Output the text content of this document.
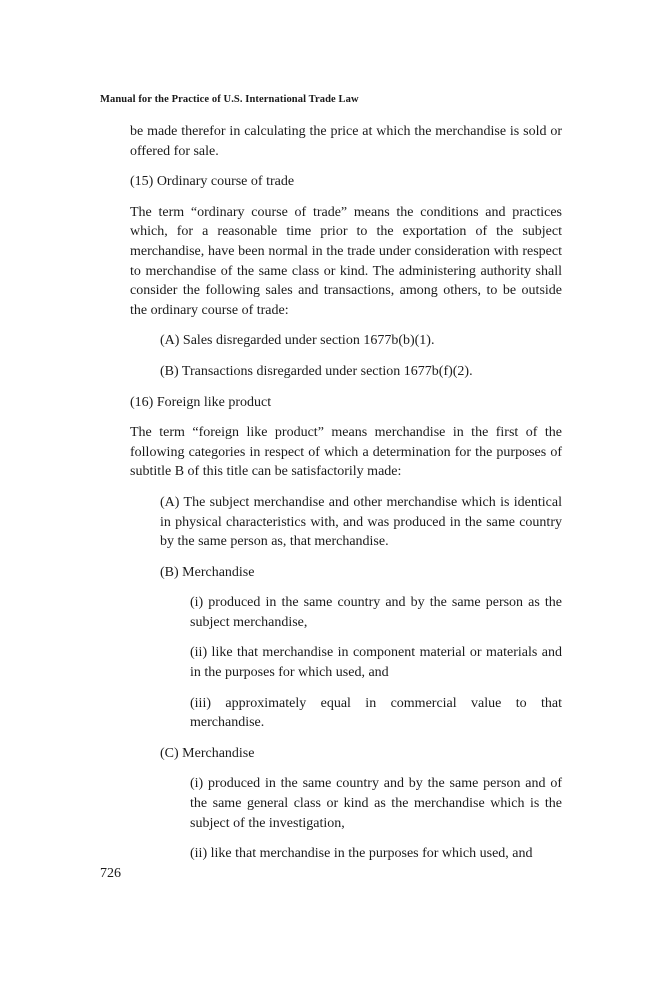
Manual for the Practice of U.S. International Trade Law
be made therefor in calculating the price at which the merchandise is sold or offered for sale.
(15) Ordinary course of trade
The term “ordinary course of trade” means the conditions and practices which, for a reasonable time prior to the exportation of the subject merchandise, have been normal in the trade under consideration with respect to merchandise of the same class or kind. The administering authority shall consider the following sales and transactions, among others, to be outside the ordinary course of trade:
(A) Sales disregarded under section 1677b(b)(1).
(B) Transactions disregarded under section 1677b(f)(2).
(16) Foreign like product
The term “foreign like product” means merchandise in the first of the following categories in respect of which a determination for the purposes of subtitle B of this title can be satisfactorily made:
(A) The subject merchandise and other merchandise which is identical in physical characteristics with, and was produced in the same country by the same person as, that merchandise.
(B) Merchandise
(i) produced in the same country and by the same person as the subject merchandise,
(ii) like that merchandise in component material or materials and in the purposes for which used, and
(iii) approximately equal in commercial value to that merchandise.
(C) Merchandise
(i) produced in the same country and by the same person and of the same general class or kind as the merchandise which is the subject of the investigation,
(ii) like that merchandise in the purposes for which used, and
726
